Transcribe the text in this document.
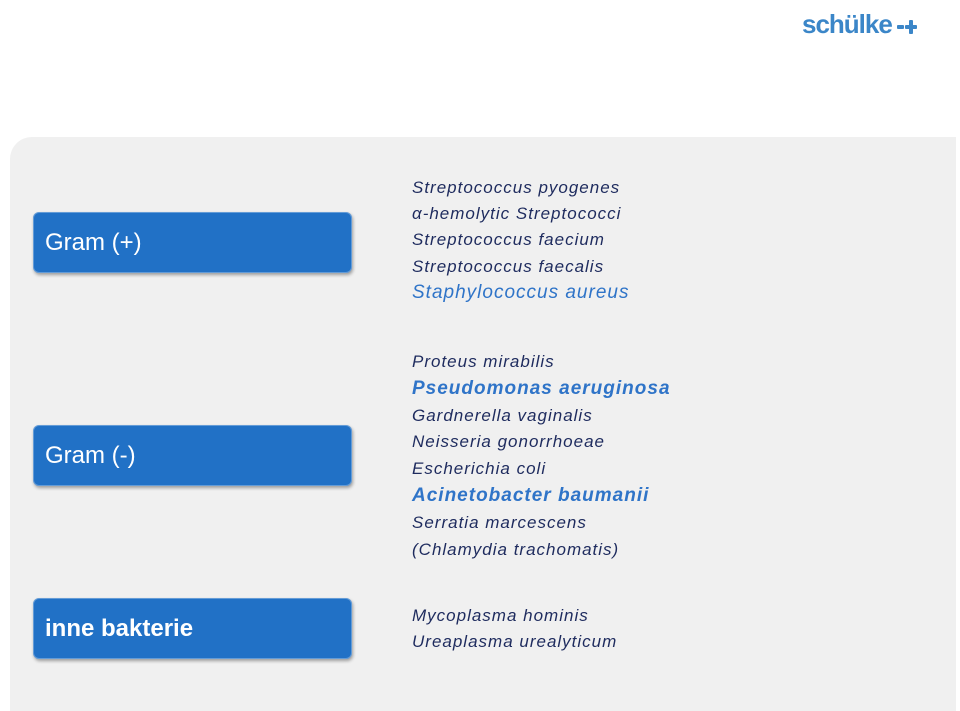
schülke
Gram (+)
Gram (-)
inne bakterie
Streptococcus pyogenes
α-hemolytic Streptococci
Streptococcus faecium
Streptococcus faecalis
Staphylococcus aureus
Proteus mirabilis
Pseudomonas aeruginosa
Gardnerella vaginalis
Neisseria gonorrhoeae
Escherichia coli
Acinetobacter baumanii
Serratia marcescens
(Chlamydia trachomatis)
Mycoplasma hominis
Ureaplasma urealyticum
